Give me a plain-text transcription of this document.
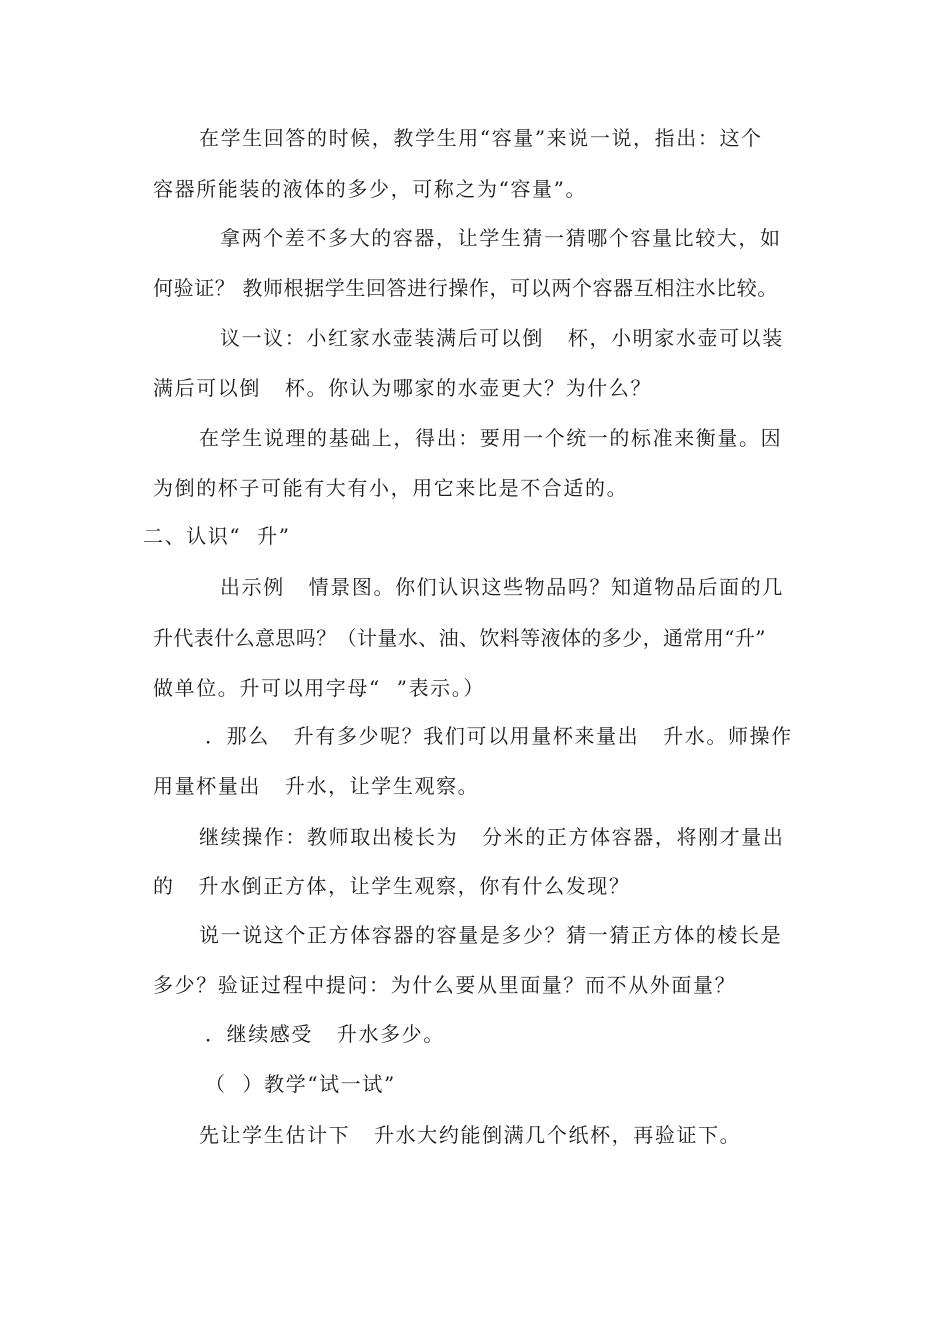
在学生回答的时候，教学生用“容量”来说一说，指出：这个
容器所能装的液体的多少，可称之为“容量”。
拿两个差不多大的容器，让学生猜一猜哪个容量比较大，如
何验证？ 教师根据学生回答进行操作，可以两个容器互相注水比较。
议一议：小红家水壶装满后可以倒   杯，小明家水壶可以装
满后可以倒   杯。你认为哪家的水壶更大？为什么？
在学生说理的基础上，得出：要用一个统一的标准来衡量。因
为倒的杯子可能有大有小，用它来比是不合适的。
二、认识“  升”
出示例   情景图。你们认识这些物品吗？知道物品后面的几
升代表什么意思吗？（计量水、油、饮料等液体的多少，通常用“升”
做单位。升可以用字母“  ”表示。）
．那么   升有多少呢？我们可以用量杯来量出   升水。师操作
用量杯量出   升水，让学生观察。
继续操作：教师取出棱长为   分米的正方体容器，将刚才量出
的   升水倒正方体，让学生观察，你有什么发现？
说一说这个正方体容器的容量是多少？猜一猜正方体的棱长是
多少？验证过程中提问：为什么要从里面量？而不从外面量？
．继续感受   升水多少。
（  ）教学“试一试”
先让学生估计下   升水大约能倒满几个纸杯，再验证下。
